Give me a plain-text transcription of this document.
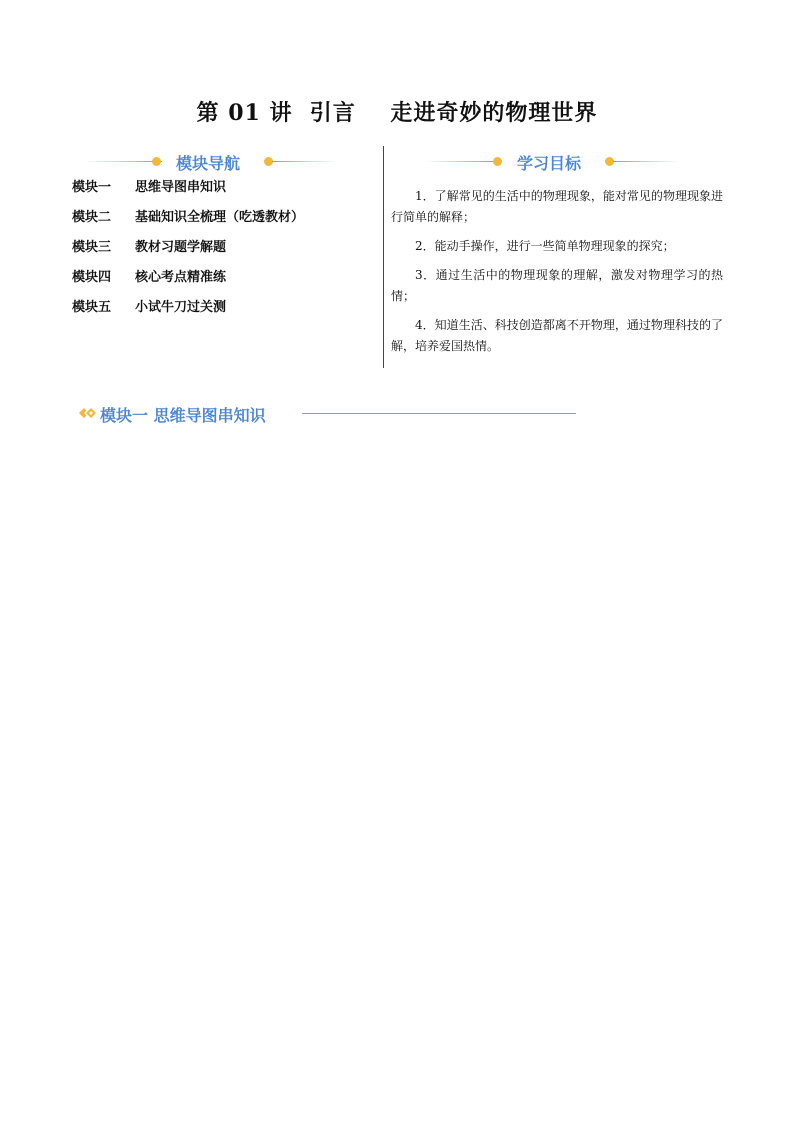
第 01 讲  引言    走进奇妙的物理世界
模块导航
模块一 思维导图串知识
模块二 基础知识全梳理（吃透教材）
模块三 教材习题学解题
模块四 核心考点精准练
模块五 小试牛刀过关测
学习目标

1．了解常见的生活中的物理现象，能对常见的物理现象进行简单的解释；

2．能动手操作，进行一些简单物理现象的探究；

3．通过生活中的物理现象的理解，激发对物理学习的热情；

4．知道生活、科技创造都离不开物理，通过物理科技的了解，培养爱国热情。

模块一 思维导图串知识
